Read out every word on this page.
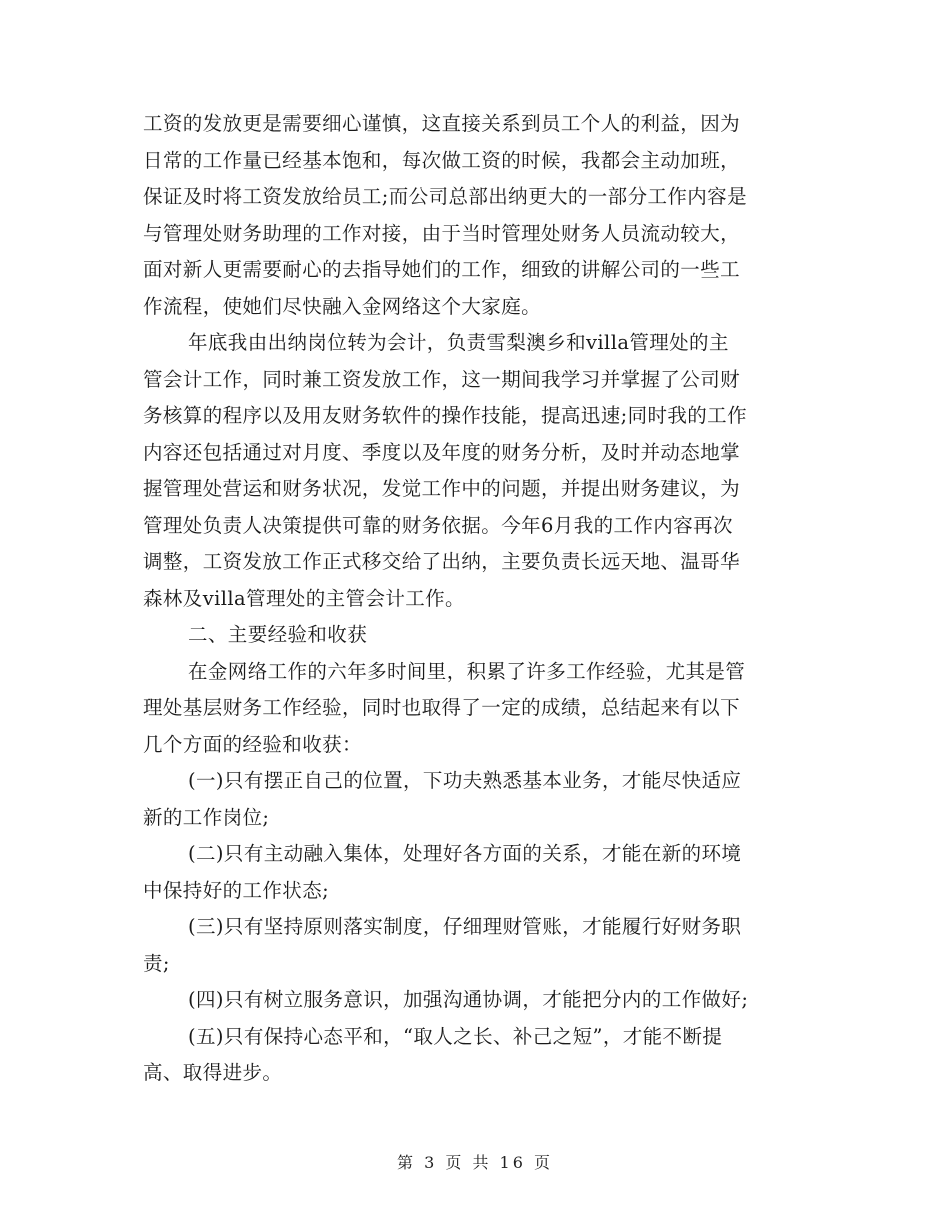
工资的发放更是需要细心谨慎，这直接关系到员工个人的利益，因为
日常的工作量已经基本饱和，每次做工资的时候，我都会主动加班，
保证及时将工资发放给员工;而公司总部出纳更大的一部分工作内容是
与管理处财务助理的工作对接，由于当时管理处财务人员流动较大，
面对新人更需要耐心的去指导她们的工作，细致的讲解公司的一些工
作流程，使她们尽快融入金网络这个大家庭。
年底我由出纳岗位转为会计，负责雪梨澳乡和villa管理处的主
管会计工作，同时兼工资发放工作，这一期间我学习并掌握了公司财
务核算的程序以及用友财务软件的操作技能，提高迅速;同时我的工作
内容还包括通过对月度、季度以及年度的财务分析，及时并动态地掌
握管理处营运和财务状况，发觉工作中的问题，并提出财务建议，为
管理处负责人决策提供可靠的财务依据。今年6月我的工作内容再次
调整，工资发放工作正式移交给了出纳，主要负责长远天地、温哥华
森林及villa管理处的主管会计工作。
二、主要经验和收获
在金网络工作的六年多时间里，积累了许多工作经验，尤其是管
理处基层财务工作经验，同时也取得了一定的成绩，总结起来有以下
几个方面的经验和收获：
(一)只有摆正自己的位置，下功夫熟悉基本业务，才能尽快适应
新的工作岗位;
(二)只有主动融入集体，处理好各方面的关系，才能在新的环境
中保持好的工作状态;
(三)只有坚持原则落实制度，仔细理财管账，才能履行好财务职
责;
(四)只有树立服务意识，加强沟通协调，才能把分内的工作做好;
(五)只有保持心态平和，“取人之长、补己之短”，才能不断提
高、取得进步。
第 3 页 共 16 页
